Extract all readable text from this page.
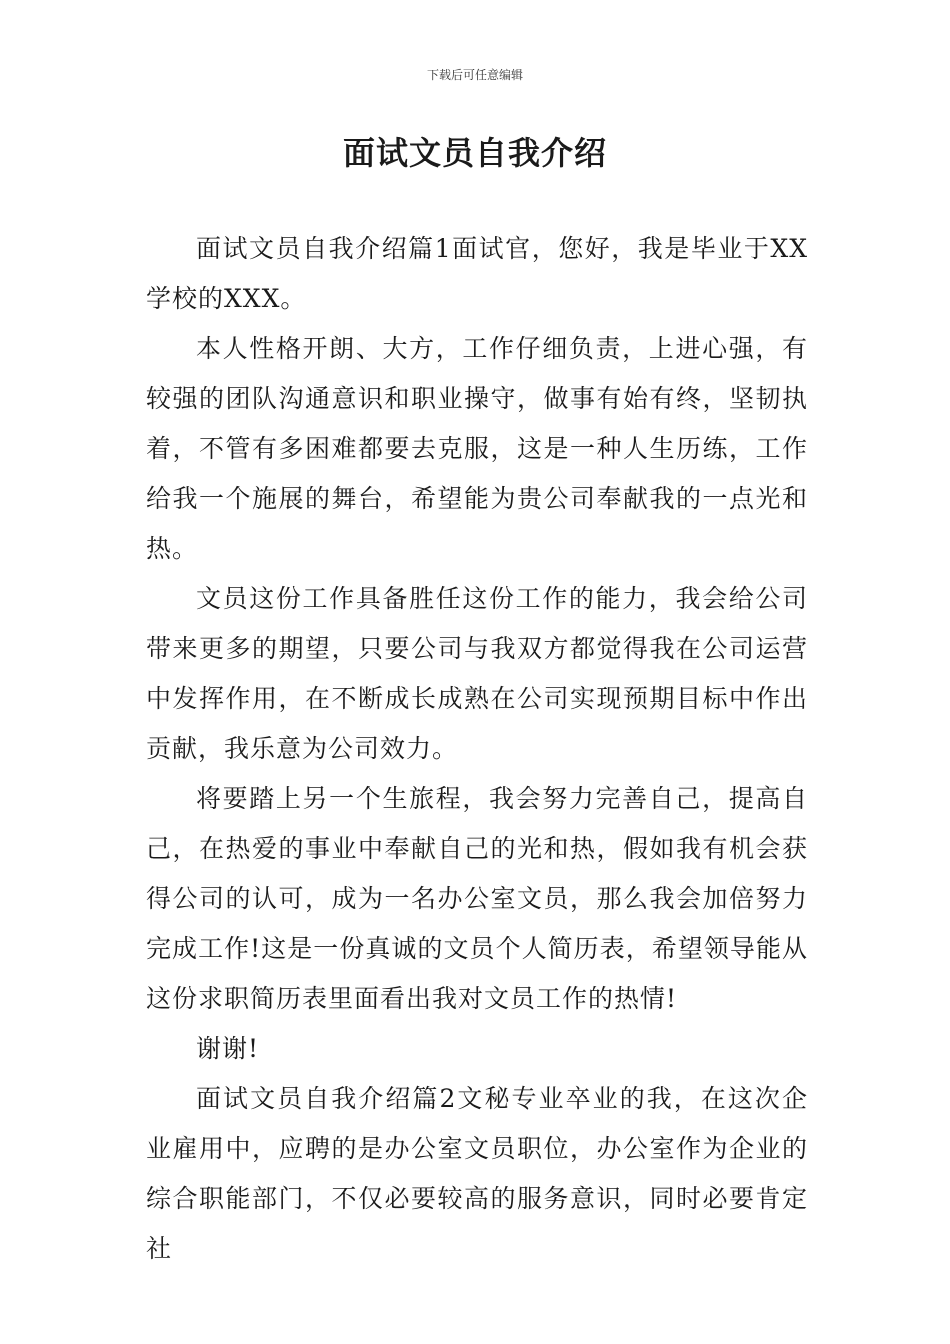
下载后可任意编辑
面试文员自我介绍

面试文员自我介绍篇1面试官，您好，我是毕业于XX学校的XXX。

本人性格开朗、大方，工作仔细负责，上进心强，有较强的团队沟通意识和职业操守，做事有始有终，坚韧执着，不管有多困难都要去克服，这是一种人生历练，工作给我一个施展的舞台，希望能为贵公司奉献我的一点光和热。

文员这份工作具备胜任这份工作的能力，我会给公司带来更多的期望，只要公司与我双方都觉得我在公司运营中发挥作用，在不断成长成熟在公司实现预期目标中作出贡献，我乐意为公司效力。

将要踏上另一个生旅程，我会努力完善自己，提高自己，在热爱的事业中奉献自己的光和热，假如我有机会获得公司的认可，成为一名办公室文员，那么我会加倍努力完成工作!这是一份真诚的文员个人简历表，希望领导能从这份求职简历表里面看出我对文员工作的热情!

谢谢!

面试文员自我介绍篇2文秘专业卒业的我，在这次企业雇用中，应聘的是办公室文员职位，办公室作为企业的综合职能部门，不仅必要较高的服务意识，同时必要肯定社
